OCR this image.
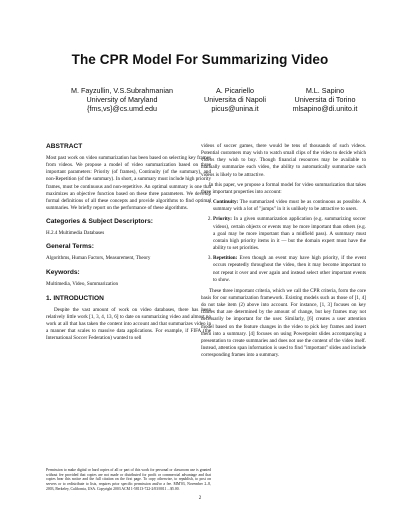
The CPR Model For Summarizing Video
M. Fayzullin, V.S.Subrahmanian
University of Maryland
{fms,vs}@cs.umd.edu
A. Picariello
Universita di Napoli
picus@unina.it
M.L. Sapino
Universita di Torino
mlsapino@di.unito.it
ABSTRACT

Most past work on video summarization has been based on selecting key frames from videos. We propose a model of video summarization based on three important parameters: Priority (of frames), Continuity (of the summary), and non-Repetition (of the summary). In short, a summary must include high priority frames, must be continuous and non-repetitive. An optimal summary is one that maximizes an objective function based on these three parameters. We develop formal definitions of all these concepts and provide algorithms to find optimal summaries. We briefly report on the performance of these algorithms.

Categories & Subject Descriptors:

H.2.4 Multimedia Databases

General Terms:

Algorithms, Human Factors, Measurement, Theory

Keywords:

Multimedia, Video, Summarization

1. INTRODUCTION

Despite the vast amount of work on video databases, there has been relatively little work [1, 3, 4, 13, 6] to date on summarizing video and almost no work at all that has taken the content into account and that summarizes video in a manner that scales to massive data applications. For example, if FIFA (the International Soccer Federation) wanted to sell

Permission to make digital or hard copies of all or part of this work for personal or classroom use is granted without fee provided that copies are not made or distributed for profit or commercial advantage and that copies bear this notice and the full citation on the first page. To copy otherwise, to republish, to post on servers or to redistribute to lists, requires prior specific permission and/or a fee. MM'03, November 2–8, 2003, Berkeley, California, USA. Copyright 2003 ACM 1-58113-722-2/03/0011 ...$5.00.

videos of soccer games, there would be tens of thousands of such videos. Potential customers may wish to watch small clips of the video to decide which videos they wish to buy. Though financial resources may be available to manually summarize each video, the ability to automatically summarize such videos is likely to be attractive.

In this paper, we propose a formal model for video summarization that takes three important properties into account:

1. Continuity: The summarized video must be as continuous as possible. A summary with a lot of "jumps" in it is unlikely to be attractive to users.
2. Priority: In a given summarization application (e.g. summarizing soccer videos), certain objects or events may be more important than others (e.g. a goal may be more important than a midfield pass). A summary must contain high priority items in it — but the domain expert must have the ability to set priorities.
3. Repetition: Even though an event may have high priority, if the event occurs repeatedly throughout the video, then it may become important to not repeat it over and over again and instead select other important events to show.

These three important criteria, which we call the CPR criteria, form the core basis for our summarization framework. Existing models such as those of [1, 4] do not take item (2) above into account. For instance, [1, 3] focuses on key frames that are determined by the amount of change, but key frames may not necessarily be important for the user. Similarly, [6] creates a user attention model based on the feature changes in the video to pick key frames and insert them into a summary. [4] focuses on using Powerpoint slides accompanying a presentation to create summaries and does not use the content of the video itself. Instead, attention span information is used to find "important" slides and include corresponding frames into a summary.

2
